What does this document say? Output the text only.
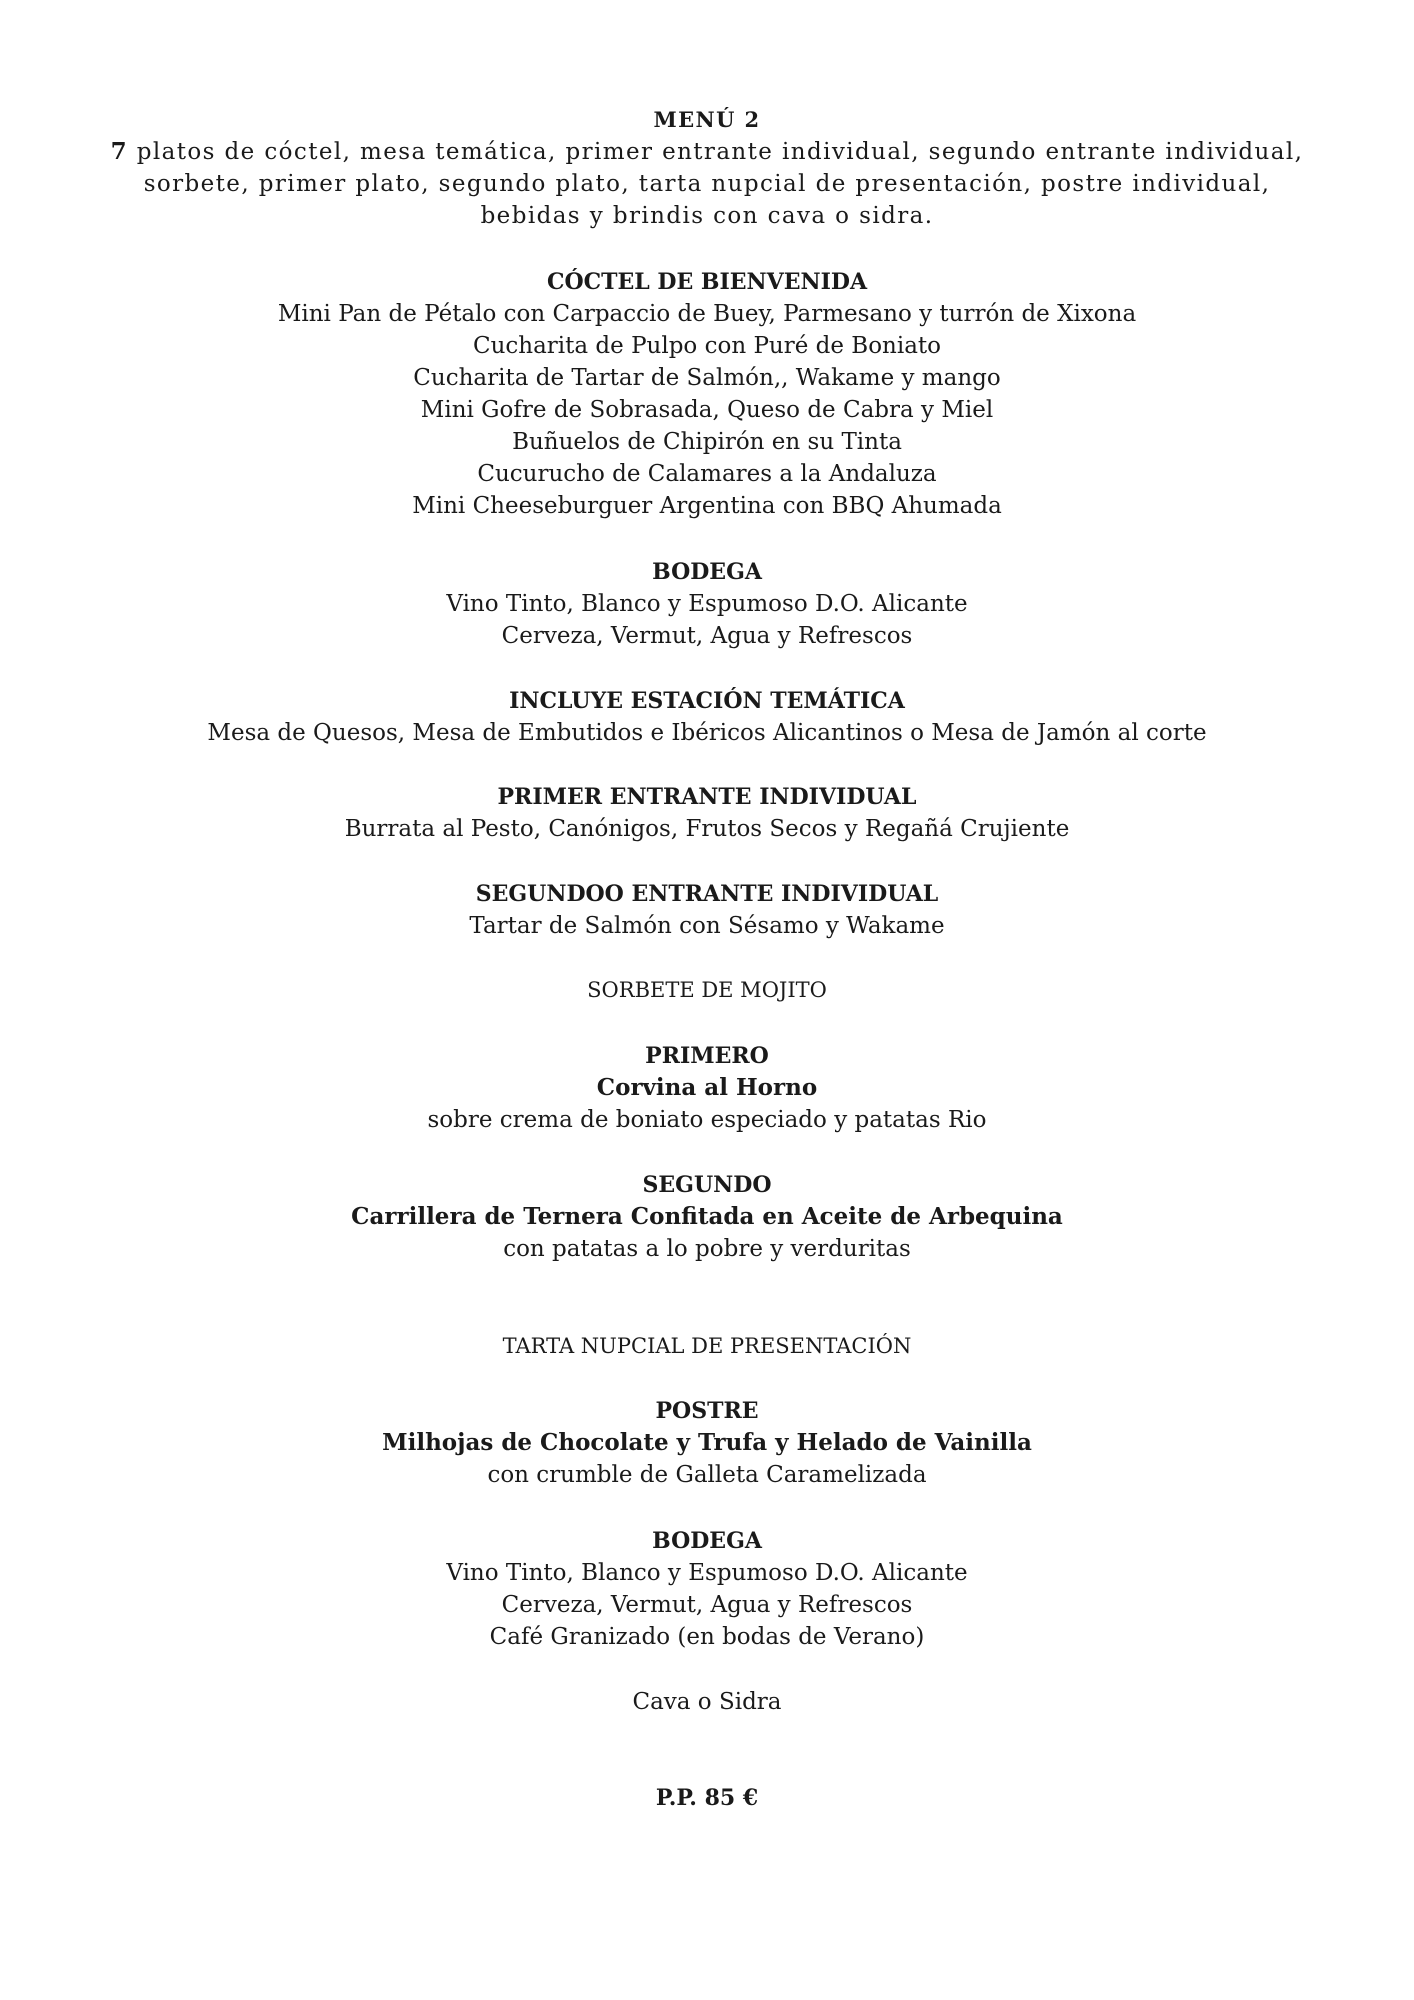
MENÚ 2
7 platos de cóctel, mesa temática, primer entrante individual, segundo entrante individual,
sorbete, primer plato, segundo plato, tarta nupcial de presentación, postre individual,
bebidas y brindis con cava o sidra.
CÓCTEL DE BIENVENIDA
Mini Pan de Pétalo con Carpaccio de Buey, Parmesano y turrón de Xixona
Cucharita de Pulpo con Puré de Boniato
Cucharita de Tartar de Salmón,, Wakame y mango
Mini Gofre de Sobrasada, Queso de Cabra y Miel
Buñuelos de Chipirón en su Tinta
Cucurucho de Calamares a la Andaluza
Mini Cheeseburguer Argentina con BBQ Ahumada
BODEGA
Vino Tinto, Blanco y Espumoso D.O. Alicante
Cerveza, Vermut, Agua y Refrescos
INCLUYE ESTACIÓN TEMÁTICA
Mesa de Quesos, Mesa de Embutidos e Ibéricos Alicantinos o Mesa de Jamón al corte
PRIMER ENTRANTE INDIVIDUAL
Burrata al Pesto, Canónigos, Frutos Secos y Regañá Crujiente
SEGUNDOO ENTRANTE INDIVIDUAL
Tartar de Salmón con Sésamo y Wakame
SORBETE DE MOJITO
PRIMERO
Corvina al Horno
sobre crema de boniato especiado y patatas Rio
SEGUNDO
Carrillera de Ternera Confitada en Aceite de Arbequina
con patatas a lo pobre y verduritas
TARTA NUPCIAL DE PRESENTACIÓN
POSTRE
Milhojas de Chocolate y Trufa y Helado de Vainilla
con crumble de Galleta Caramelizada
BODEGA
Vino Tinto, Blanco y Espumoso D.O. Alicante
Cerveza, Vermut, Agua y Refrescos
Café Granizado (en bodas de Verano)
Cava o Sidra
P.P. 85 €
